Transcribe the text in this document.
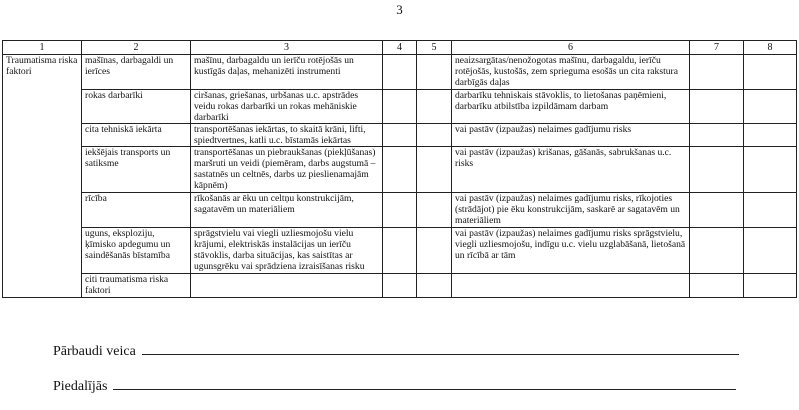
3
1	2	3	4	5	6	7	8
Traumatisma riska faktori	mašīnas, darbagaldi un ierīces	mašīnu, darbagaldu un ierīču rotējošās un kustīgās daļas, mehanizēti instrumenti			neaizsargātas/nenožogotas mašīnu, darbagaldu, ierīču rotējošās, kustošās, zem sprieguma esošās un cita rakstura darbīgās daļas		
	rokas darbarīki	ciršanas, griešanas, urbšanas u.c. apstrādes veidu rokas darbarīki un rokas mehāniskie darbarīki			darbarīku tehniskais stāvoklis, to lietošanas paņēmieni, darbarīku atbilstība izpildāmam darbam		
	cita tehniskā iekārta	transportēšanas iekārtas, to skaitā krāni, lifti, spiedtvertnes, katli u.c. bīstamās iekārtas			vai pastāv (izpaužas) nelaimes gadījumu risks		
	iekšējais transports un satiksme	transportēšanas un piebraukšanas (piekļūšanas) maršruti un veidi (piemēram, darbs augstumā – sastatnēs un celtnēs, darbs uz pieslienamajām kāpnēm)			vai pastāv (izpaužas) krišanas, gāšanās, sabrukšanas u.c. risks		
	rīcība	rīkošanās ar ēku un celtņu konstrukcijām, sagatavēm un materiāliem			vai pastāv (izpaužas) nelaimes gadījumu risks, rīkojoties (strādājot) pie ēku konstrukcijām, saskarē ar sagatavēm un materiāliem		
	uguns, eksploziju, ķīmisko apdegumu un saindēšanās bīstamība	sprāgstvielu vai viegli uzliesmojošu vielu krājumi, elektriskās instalācijas un ierīču stāvoklis, darba situācijas, kas saistītas ar ugunsgrēku vai sprādziena izraisīšanas risku			vai pastāv (izpaužas) nelaimes gadījumu risks sprāgstvielu, viegli uzliesmojošu, indīgu u.c. vielu uzglabāšanā, lietošanā un rīcībā ar tām		
	citi traumatisma riska faktori						
Pārbaudi veica
Piedalījās
